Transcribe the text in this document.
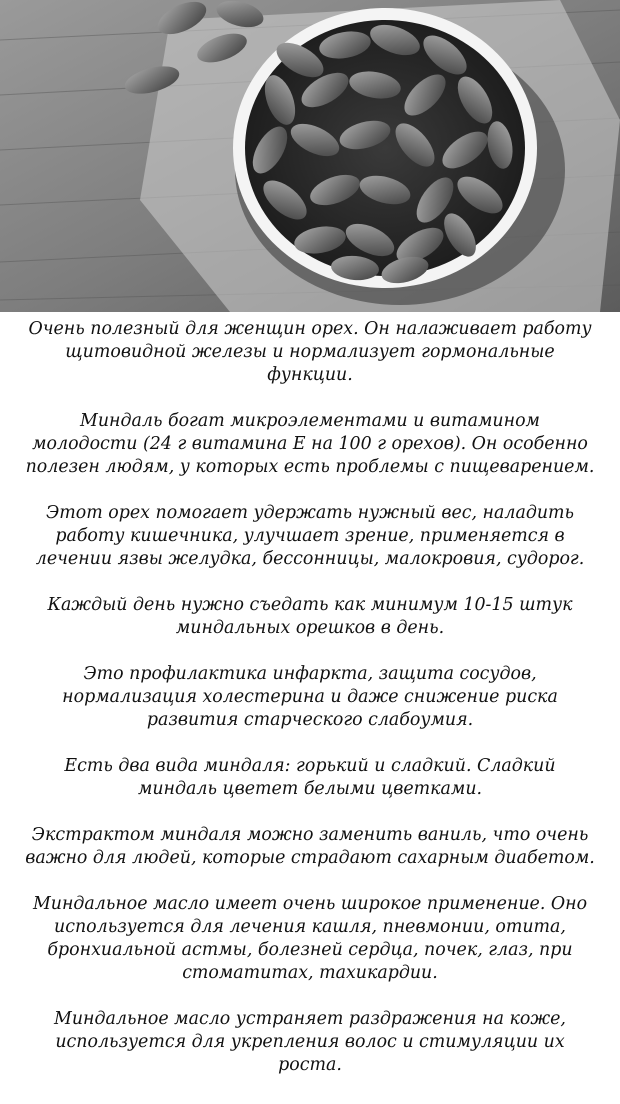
Очень полезный для женщин орех. Он налаживает работу
щитовидной железы и нормализует гормональные
функции.

Миндаль богат микроэлементами и витамином
молодости (24 г витамина Е на 100 г орехов). Он особенно
полезен людям, у которых есть проблемы с пищеварением.

Этот орех помогает удержать нужный вес, наладить
работу кишечника, улучшает зрение, применяется в
лечении язвы желудка, бессонницы, малокровия, судорог.

Каждый день нужно съедать как минимум 10-15 штук
миндальных орешков в день.

Это профилактика инфаркта, защита сосудов,
нормализация холестерина и даже снижение риска
развития старческого слабоумия.

Есть два вида миндаля: горький и сладкий. Сладкий
миндаль цветет белыми цветками.

Экстрактом миндаля можно заменить ваниль, что очень
важно для людей, которые страдают сахарным диабетом.

Миндальное масло имеет очень широкое применение. Оно
используется для лечения кашля, пневмонии, отита,
бронхиальной астмы, болезней сердца, почек, глаз, при
стоматитах, тахикардии.

Миндальное масло устраняет раздражения на коже,
используется для укрепления волос и стимуляции их
роста.
